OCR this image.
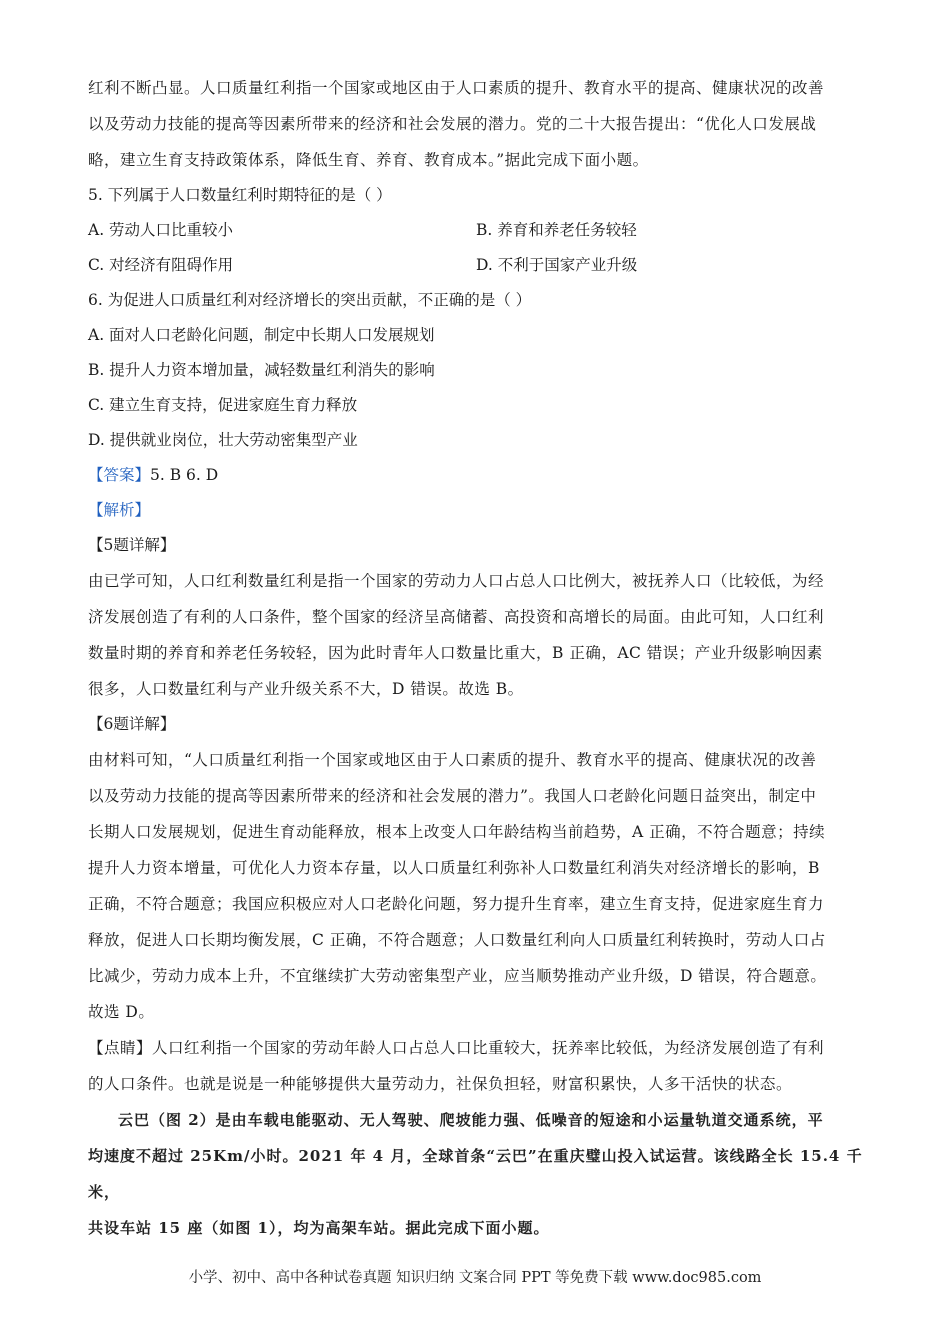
红利不断凸显。人口质量红利指一个国家或地区由于人口素质的提升、教育水平的提高、健康状况的改善

以及劳动力技能的提高等因素所带来的经济和社会发展的潜力。党的二十大报告提出：“优化人口发展战

略，建立生育支持政策体系，降低生育、养育、教育成本。”据此完成下面小题。

5. 下列属于人口数量红利时期特征的是（ ）

A. 劳动人口比重较小	B. 养育和养老任务较轻
C. 对经济有阻碍作用	D. 不利于国家产业升级

6. 为促进人口质量红利对经济增长的突出贡献，不正确的是（ ）

A. 面对人口老龄化问题，制定中长期人口发展规划

B. 提升人力资本增加量，减轻数量红利消失的影响

C. 建立生育支持，促进家庭生育力释放

D. 提供就业岗位，壮大劳动密集型产业

【答案】5. B 6. D

【解析】

【5题详解】

由已学可知，人口红利数量红利是指一个国家的劳动力人口占总人口比例大，被抚养人口（比较低，为经

济发展创造了有利的人口条件，整个国家的经济呈高储蓄、高投资和高增长的局面。由此可知，人口红利

数量时期的养育和养老任务较轻，因为此时青年人口数量比重大，B 正确，AC 错误；产业升级影响因素

很多，人口数量红利与产业升级关系不大，D 错误。故选 B。

【6题详解】

由材料可知，“人口质量红利指一个国家或地区由于人口素质的提升、教育水平的提高、健康状况的改善

以及劳动力技能的提高等因素所带来的经济和社会发展的潜力”。我国人口老龄化问题日益突出，制定中

长期人口发展规划，促进生育动能释放，根本上改变人口年龄结构当前趋势，A 正确，不符合题意；持续

提升人力资本增量，可优化人力资本存量，以人口质量红利弥补人口数量红利消失对经济增长的影响，B

正确，不符合题意；我国应积极应对人口老龄化问题，努力提升生育率，建立生育支持，促进家庭生育力

释放，促进人口长期均衡发展，C 正确，不符合题意；人口数量红利向人口质量红利转换时，劳动人口占

比减少，劳动力成本上升，不宜继续扩大劳动密集型产业，应当顺势推动产业升级，D 错误，符合题意。

故选 D。

【点睛】人口红利指一个国家的劳动年龄人口占总人口比重较大，抚养率比较低，为经济发展创造了有利

的人口条件。也就是说是一种能够提供大量劳动力，社保负担轻，财富积累快，人多干活快的状态。

云巴（图 2）是由车载电能驱动、无人驾驶、爬坡能力强、低噪音的短途和小运量轨道交通系统，平

均速度不超过 25Km/小时。2021 年 4 月，全球首条“云巴”在重庆璧山投入试运营。该线路全长 15.4 千米，

共设车站 15 座（如图 1），均为高架车站。据此完成下面小题。

小学、初中、高中各种试卷真题 知识归纳 文案合同 PPT 等免费下载 www.doc985.com
